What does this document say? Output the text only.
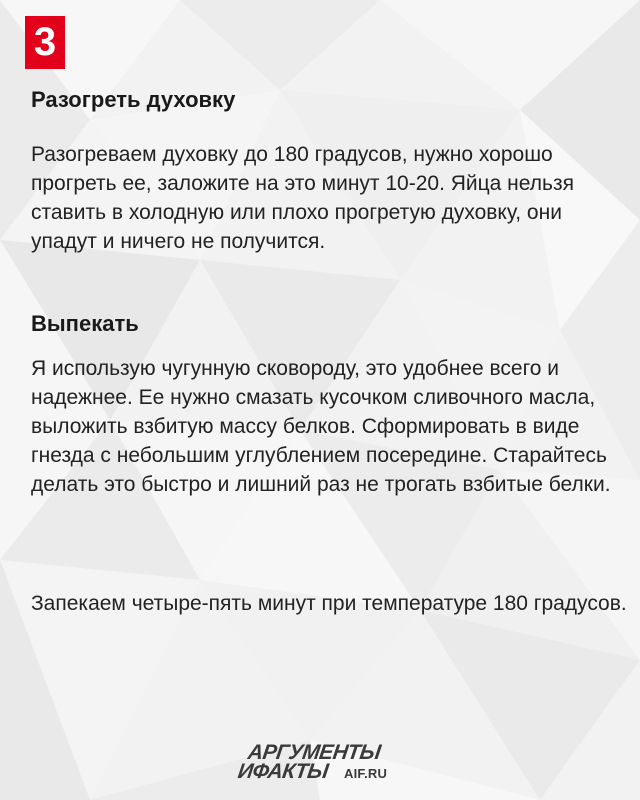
3
Разогреть духовку

Разогреваем духовку до 180 градусов, нужно хорошо прогреть ее, заложите на это минут 10-20. Яйца нельзя ставить в холодную или плохо прогретую духовку, они упадут и ничего не получится.

Выпекать

Я использую чугунную сковороду, это удобнее всего и надежнее. Ее нужно смазать кусочком сливочного масла, выложить взбитую массу белков. Сформировать в виде гнезда с небольшим углублением посередине. Старайтесь делать это быстро и лишний раз не трогать взбитые белки.

Запекаем четыре-пять минут при температуре 180 градусов.

АРГУМЕНТЫ
ИФАКТЫ AIF.RU
